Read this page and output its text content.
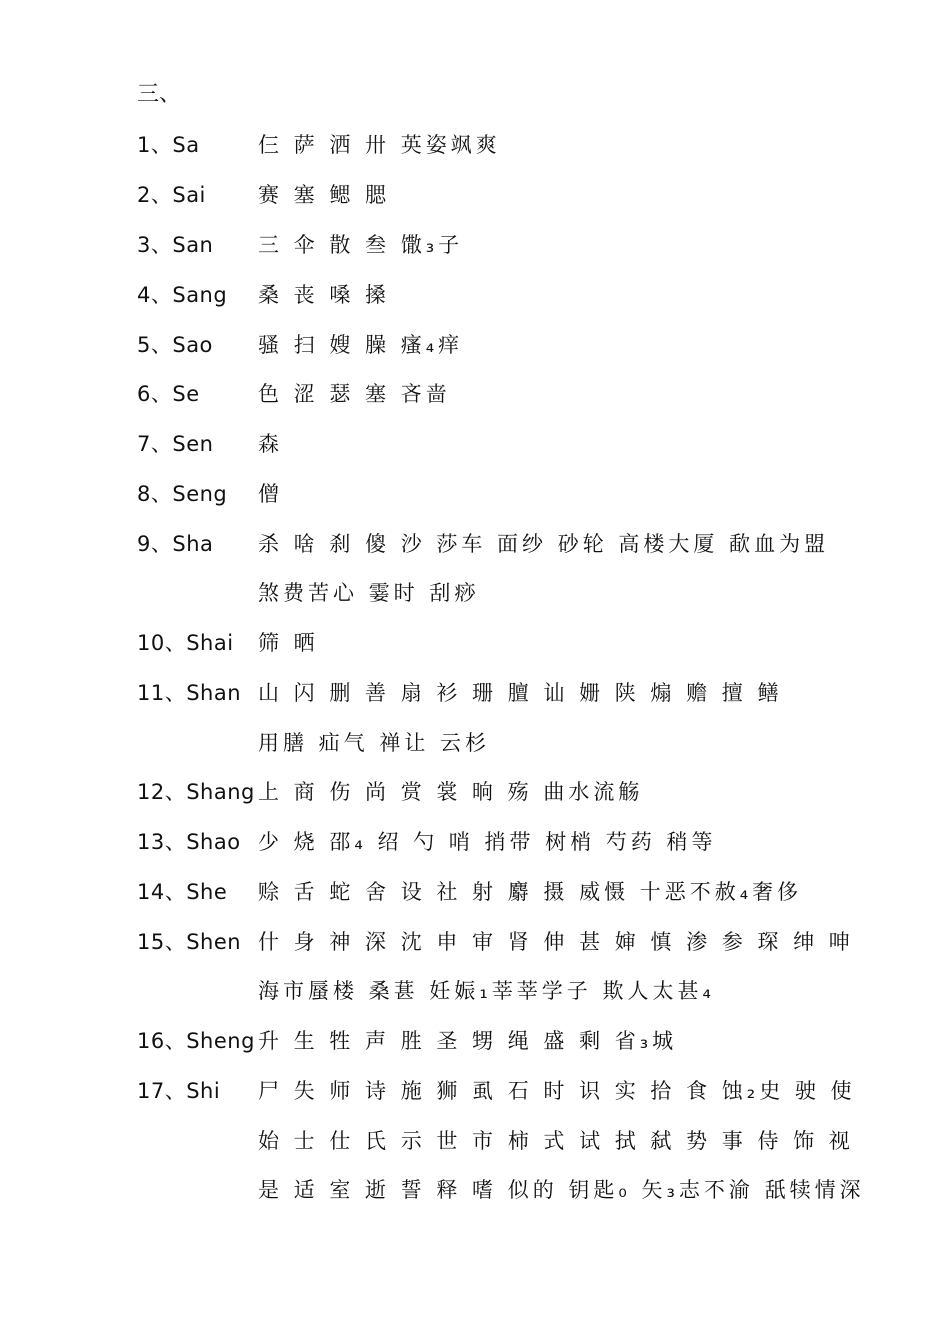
三、
1、Sa	仨 萨 洒 卅 英姿飒爽
2、Sai	赛 塞 鳃 腮
3、San	三 伞 散 叁 馓₃子
4、Sang	桑 丧 嗓 搡
5、Sao	骚 扫 嫂 臊 瘙₄痒
6、Se	色 涩 瑟 塞 吝啬
7、Sen	森
8、Seng	僧
9、Sha	杀 啥 刹 傻 沙 莎车 面纱 砂轮 高楼大厦 歃血为盟
煞费苦心 霎时 刮痧
10、Shai	筛 晒
11、Shan 山 闪 删 善 扇 衫 珊 膻 讪 姗 陕 煽 赡 擅 鳝
用膳 疝气 禅让 云杉
12、Shang 上 商 伤 尚 赏 裳 晌 殇 曲水流觞
13、Shao 少 烧 邵₄ 绍 勺 哨 捎带 树梢 芍药 稍等
14、She	赊 舌 蛇 舍 设 社 射 麝 摄 威慑 十恶不赦₄奢侈
15、Shen 什 身 神 深 沈 申 审 肾 伸 甚 婶 慎 渗 参 琛 绅 呻
海市蜃楼 桑葚 妊娠₁莘莘学子 欺人太甚₄
16、Sheng 升 生 牲 声 胜 圣 甥 绳 盛 剩 省₃城
17、Shi	尸 失 师 诗 施 狮 虱 石 时 识 实 拾 食 蚀₂史 驶 使
始 士 仕 氏 示 世 市 柿 式 试 拭 弑 势 事 侍 饰 视
是 适 室 逝 誓 释 嗜 似的 钥匙₀ 矢₃志不渝 舐犊情深
